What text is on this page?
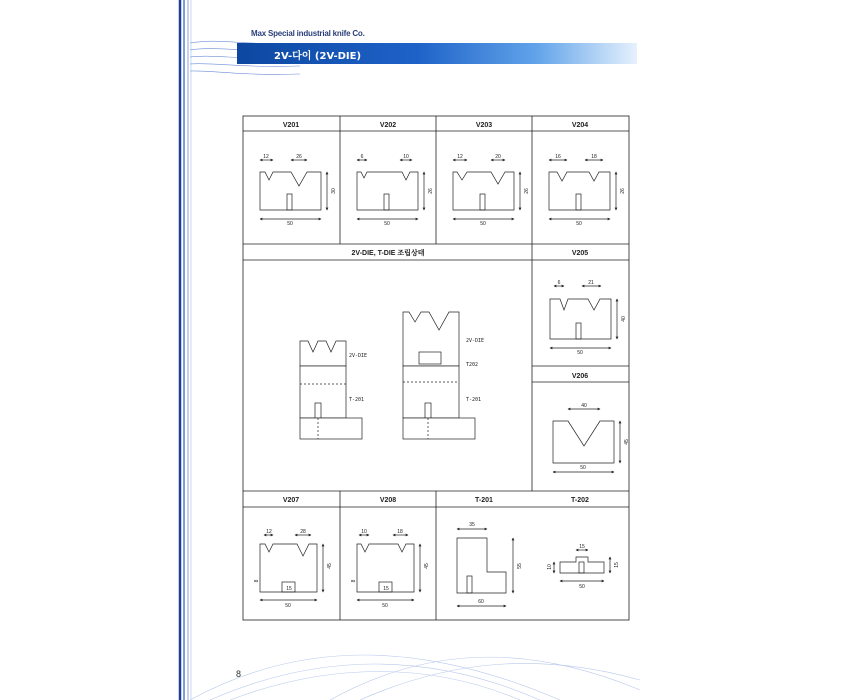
Max Special industrial knife Co.
2V-다이 (2V-DIE)
V201	V202	V203	V204
12	26
30
50
6	10
26
50
12	20
26
50
16	18
26
50
2V-DIE, T-DIE 조립상태	V205
2V-DIE
T-201
2V-DIE
T202
T-201
6	21
40
50
V206
40
45
50
V207	V208	T-201	T-202
12	28
45
8
15
50
10	18
45
8
15
50
35
55
60
15
10	15
50
8
